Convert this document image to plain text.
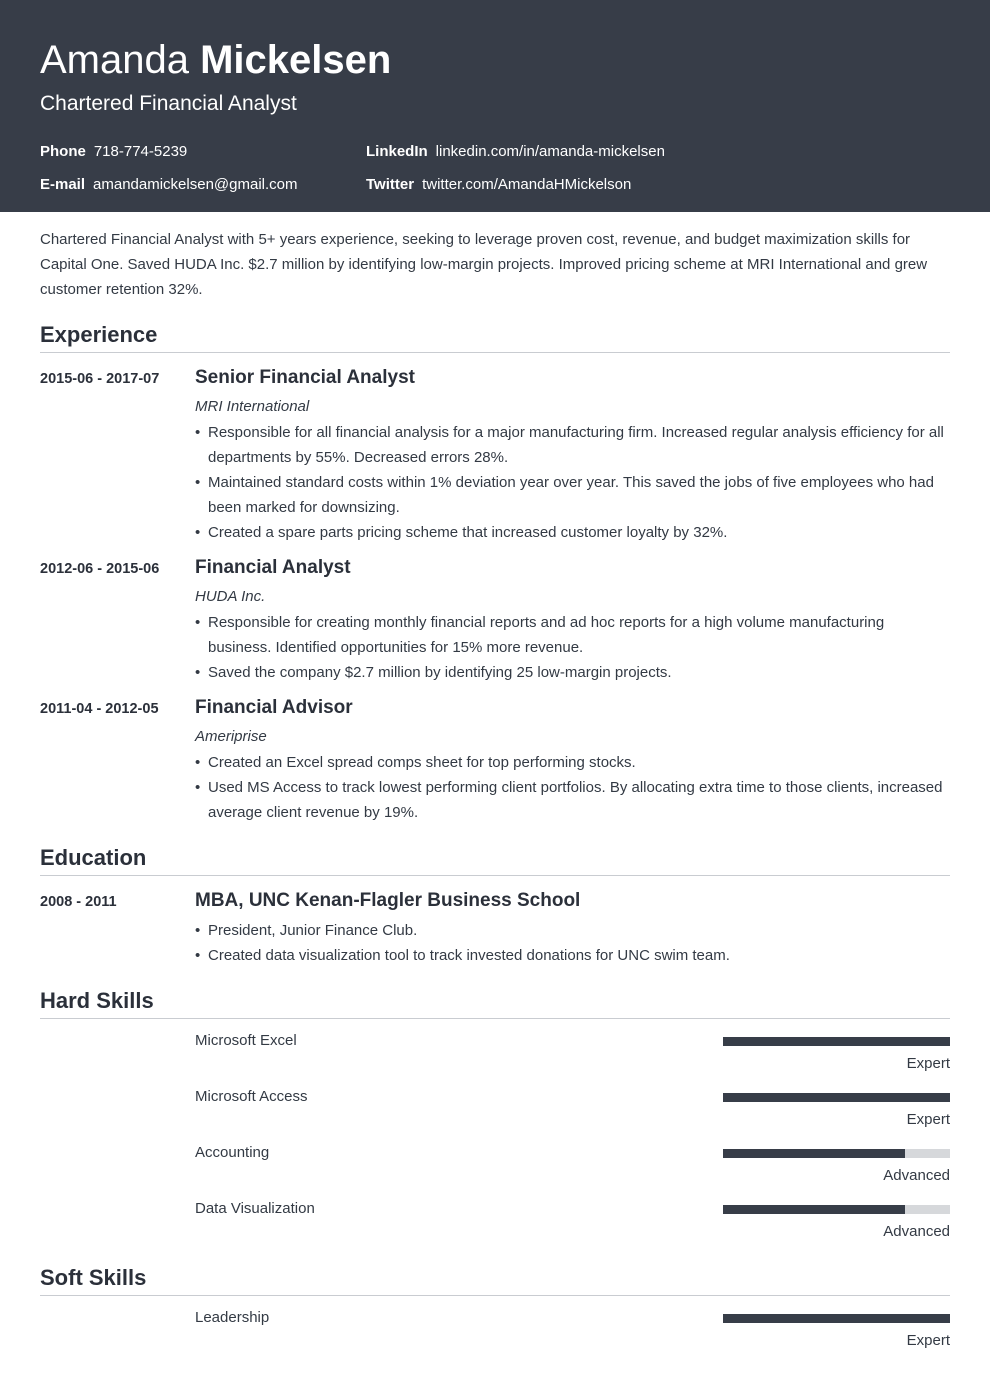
Amanda Mickelsen
Chartered Financial Analyst
Phone 718-774-5239	LinkedIn linkedin.com/in/amanda-mickelsen
E-mail amandamickelsen@gmail.com	Twitter twitter.com/AmandaHMickelson
Chartered Financial Analyst with 5+ years experience, seeking to leverage proven cost, revenue, and budget maximization skills for Capital One. Saved HUDA Inc. $2.7 million by identifying low-margin projects. Improved pricing scheme at MRI International and grew customer retention 32%.
Experience
2015-06 - 2017-07 Senior Financial Analyst
MRI International
• Responsible for all financial analysis for a major manufacturing firm. Increased regular analysis efficiency for all departments by 55%. Decreased errors 28%.
• Maintained standard costs within 1% deviation year over year. This saved the jobs of five employees who had been marked for downsizing.
• Created a spare parts pricing scheme that increased customer loyalty by 32%.
2012-06 - 2015-06 Financial Analyst
HUDA Inc.
• Responsible for creating monthly financial reports and ad hoc reports for a high volume manufacturing business. Identified opportunities for 15% more revenue.
• Saved the company $2.7 million by identifying 25 low-margin projects.
2011-04 - 2012-05 Financial Advisor
Ameriprise
• Created an Excel spread comps sheet for top performing stocks.
• Used MS Access to track lowest performing client portfolios. By allocating extra time to those clients, increased average client revenue by 19%.
Education
2008 - 2011	MBA, UNC Kenan-Flagler Business School
• President, Junior Finance Club.
• Created data visualization tool to track invested donations for UNC swim team.
Hard Skills
Microsoft Excel
Expert
Microsoft Access
Expert
Accounting
Advanced
Data Visualization
Advanced
Soft Skills
Leadership
Expert
